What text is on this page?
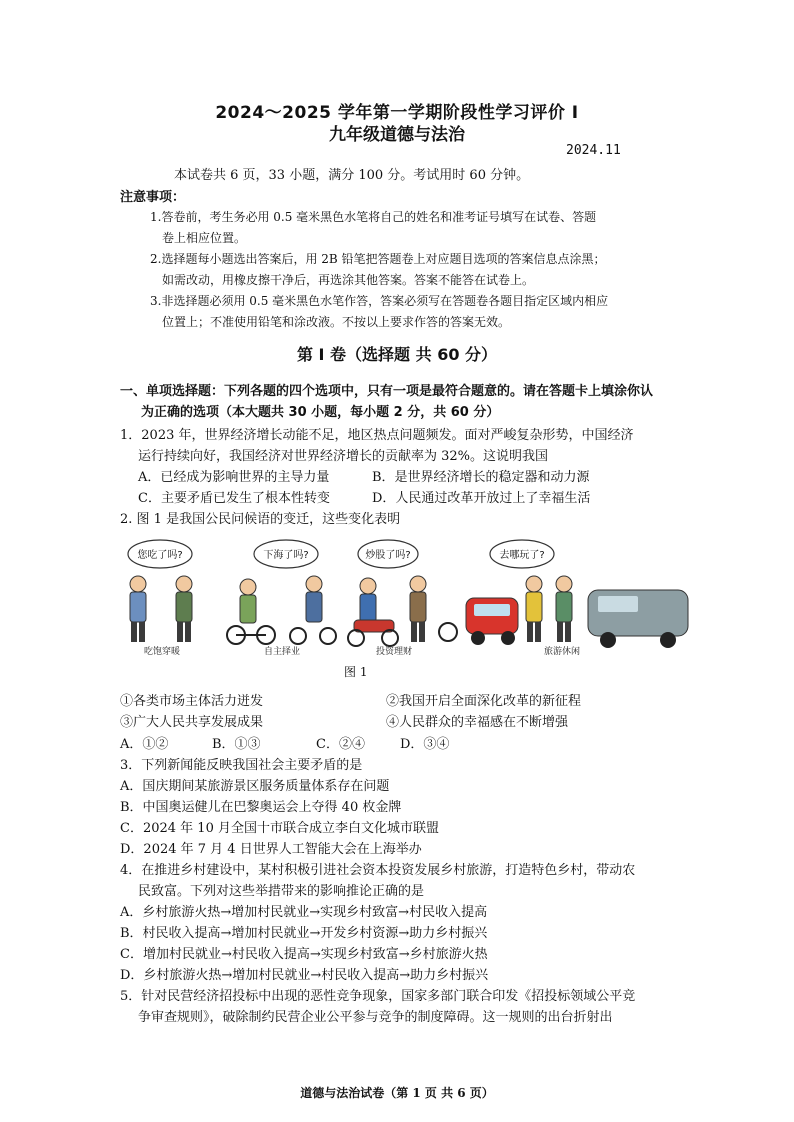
2024～2025 学年第一学期阶段性学习评价 Ⅰ
九年级道德与法治
2024.11
本试卷共 6 页，33 小题，满分 100 分。考试用时 60 分钟。
注意事项：
1.答卷前，考生务必用 0.5 毫米黑色水笔将自己的姓名和准考证号填写在试卷、答题
卷上相应位置。
2.选择题每小题选出答案后，用 2B 铅笔把答题卷上对应题目选项的答案信息点涂黑；
如需改动，用橡皮擦干净后，再选涂其他答案。答案不能答在试卷上。
3.非选择题必须用 0.5 毫米黑色水笔作答，答案必须写在答题卷各题目指定区域内相应
位置上；不准使用铅笔和涂改液。不按以上要求作答的答案无效。
第 Ⅰ 卷（选择题 共 60 分）
一、单项选择题：下列各题的四个选项中，只有一项是最符合题意的。请在答题卡上填涂你认
为正确的选项（本大题共 30 小题，每小题 2 分，共 60 分）
1．2023 年，世界经济增长动能不足，地区热点问题频发。面对严峻复杂形势，中国经济
运行持续向好，我国经济对世界经济增长的贡献率为 32%。这说明我国
A．已经成为影响世界的主导力量	B．是世界经济增长的稳定器和动力源
C．主要矛盾已发生了根本性转变	D．人民通过改革开放过上了幸福生活
2. 图 1 是我国公民问候语的变迁，这些变化表明
您吃了吗?
吃饱穿暖
下海了吗?
自主择业
炒股了吗?
投资理财
去哪玩了?
旅游休闲
图 1
①各类市场主体活力迸发	②我国开启全面深化改革的新征程
③广大人民共享发展成果	④人民群众的幸福感在不断增强
A．①②	B．①③	C．②④	D．③④
3．下列新闻能反映我国社会主要矛盾的是
A．国庆期间某旅游景区服务质量体系存在问题
B．中国奥运健儿在巴黎奥运会上夺得 40 枚金牌
C．2024 年 10 月全国十市联合成立李白文化城市联盟
D．2024 年 7 月 4 日世界人工智能大会在上海举办
4．在推进乡村建设中，某村积极引进社会资本投资发展乡村旅游，打造特色乡村，带动农
民致富。下列对这些举措带来的影响推论正确的是
A．乡村旅游火热→增加村民就业→实现乡村致富→村民收入提高
B．村民收入提高→增加村民就业→开发乡村资源→助力乡村振兴
C．增加村民就业→村民收入提高→实现乡村致富→乡村旅游火热
D．乡村旅游火热→增加村民就业→村民收入提高→助力乡村振兴
5．针对民营经济招投标中出现的恶性竞争现象，国家多部门联合印发《招投标领域公平竞
争审查规则》，破除制约民营企业公平参与竞争的制度障碍。这一规则的出台折射出
道德与法治试卷（第 1 页 共 6 页）
